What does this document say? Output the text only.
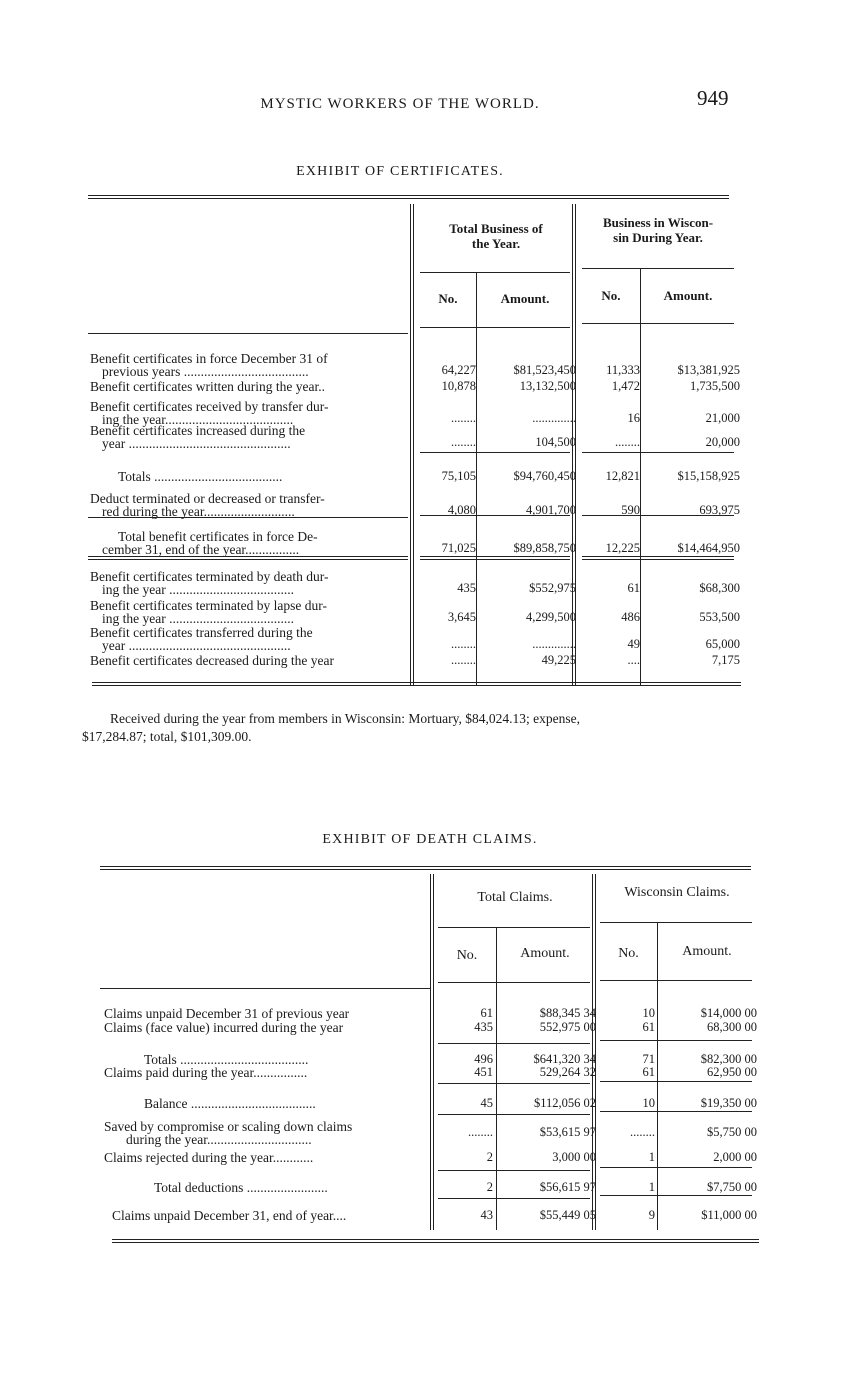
MYSTIC WORKERS OF THE WORLD.	949
EXHIBIT OF CERTIFICATES.
Total Business of
the Year.
Business in Wiscon-
sin During Year.
No.	Amount.	No.	Amount.
Benefit certificates in force December 31 of
previous years .....................................	64,227	$81,523,450	11,333	$13,381,925
Benefit certificates written during the year..	10,878	13,132,500	1,472	1,735,500
Benefit certificates received by transfer dur-
ing the year......................................	........	..............	16	21,000
Benefit certificates increased during the
year ................................................	........	104,500	........	20,000
Totals ......................................	75,105	$94,760,450	12,821	$15,158,925
Deduct terminated or decreased or transfer-
red during the year...........................	4,080	4,901,700	590	693,975
Total benefit certificates in force De-
cember 31, end of the year................	71,025	$89,858,750	12,225	$14,464,950
Benefit certificates terminated by death dur-
ing the year .....................................	435	$552,975	61	$68,300
Benefit certificates terminated by lapse dur-
ing the year .....................................	3,645	4,299,500	486	553,500
Benefit certificates transferred during the
year ................................................	........	..............	49	65,000
Benefit certificates decreased during the year	........	49,225	....	7,175
Received during the year from members in Wisconsin: Mortuary, $84,024.13; expense,
$17,284.87; total, $101,309.00.
EXHIBIT OF DEATH CLAIMS.
Total Claims.	Wisconsin Claims.
No.	Amount.	No.	Amount.
Claims unpaid December 31 of previous year	61	$88,345 34	10	$14,000 00
Claims (face value) incurred during the year	435	552,975 00	61	68,300 00
Totals ......................................	496	$641,320 34	71	$82,300 00
Claims paid during the year................	451	529,264 32	61	62,950 00
Balance .....................................	45	$112,056 02	10	$19,350 00
Saved by compromise or scaling down claims
during the year...............................	........	$53,615 97	........	$5,750 00
Claims rejected during the year............	2	3,000 00	1	2,000 00
Total deductions ........................	2	$56,615 97	1	$7,750 00
Claims unpaid December 31, end of year....	43	$55,449 05	9	$11,000 00
